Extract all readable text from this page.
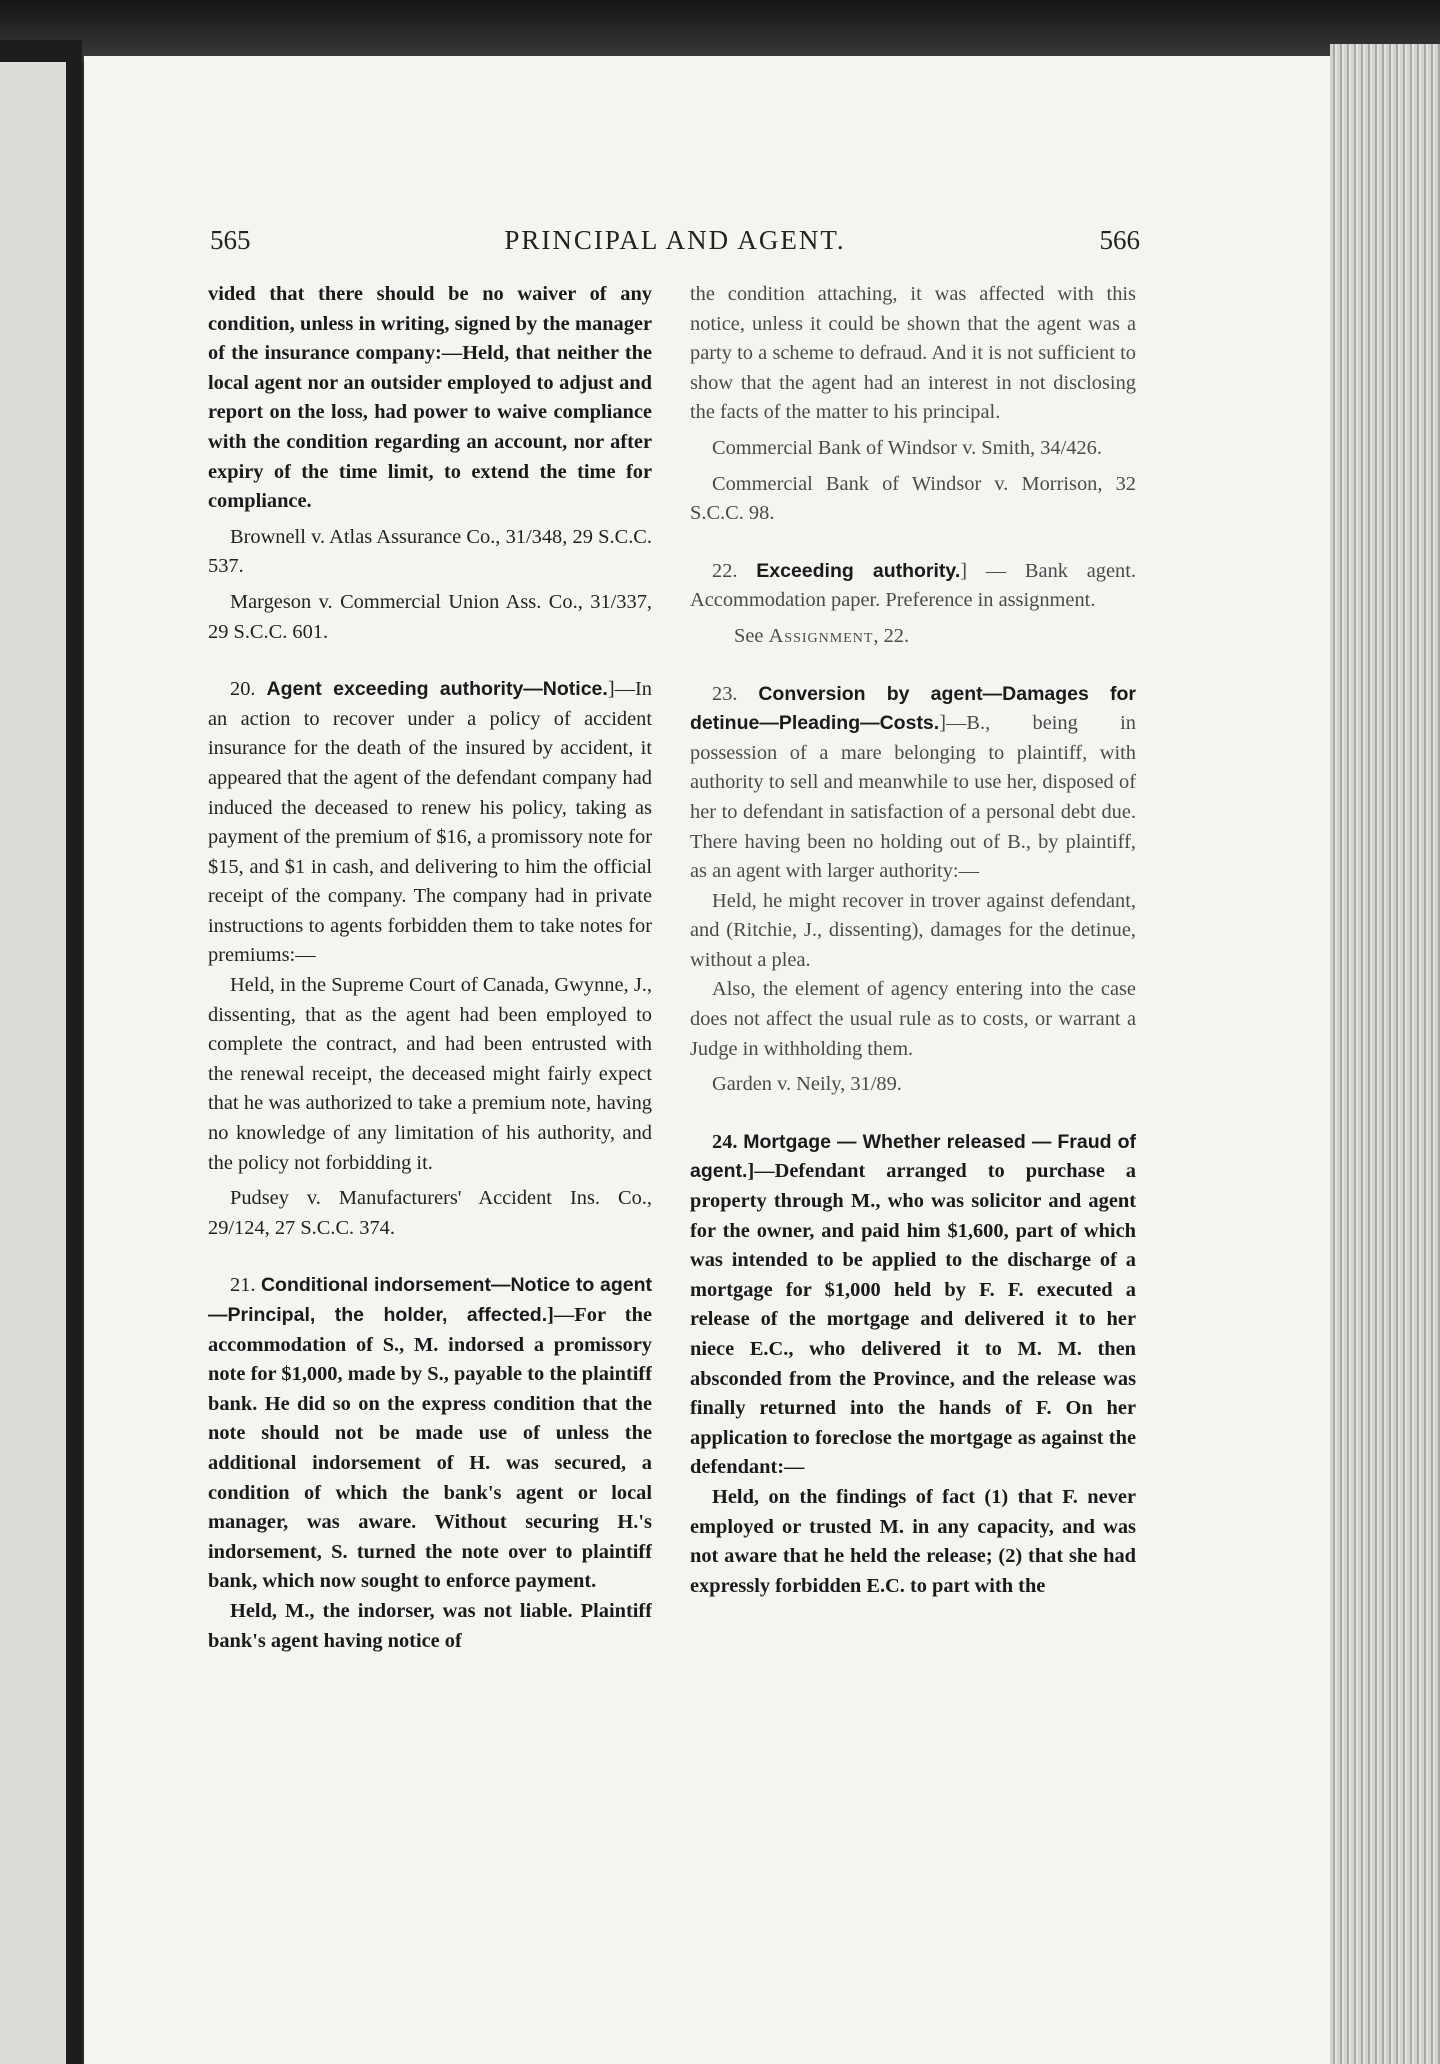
565	PRINCIPAL AND AGENT.	566

vided that there should be no waiver of any condition, unless in writing, signed by the manager of the insurance company:—Held, that neither the local agent nor an outsider employed to adjust and report on the loss, had power to waive compliance with the condition regarding an account, nor after expiry of the time limit, to extend the time for compliance.

Brownell v. Atlas Assurance Co., 31/348, 29 S.C.C. 537.

Margeson v. Commercial Union Ass. Co., 31/337, 29 S.C.C. 601.

20. Agent exceeding authority—Notice.]—In an action to recover under a policy of accident insurance for the death of the insured by accident, it appeared that the agent of the defendant company had induced the deceased to renew his policy, taking as payment of the premium of $16, a promissory note for $15, and $1 in cash, and delivering to him the official receipt of the company. The company had in private instructions to agents forbidden them to take notes for premiums:—

Held, in the Supreme Court of Canada, Gwynne, J., dissenting, that as the agent had been employed to complete the contract, and had been entrusted with the renewal receipt, the deceased might fairly expect that he was authorized to take a premium note, having no knowledge of any limitation of his authority, and the policy not forbidding it.

Pudsey v. Manufacturers' Accident Ins. Co., 29/124, 27 S.C.C. 374.

21. Conditional indorsement—Notice to agent—Principal, the holder, affected.]—For the accommodation of S., M. indorsed a promissory note for $1,000, made by S., payable to the plaintiff bank. He did so on the express condition that the note should not be made use of unless the additional indorsement of H. was secured, a condition of which the bank's agent or local manager, was aware. Without securing H.'s indorsement, S. turned the note over to plaintiff bank, which now sought to enforce payment.

Held, M., the indorser, was not liable. Plaintiff bank's agent having notice of

the condition attaching, it was affected with this notice, unless it could be shown that the agent was a party to a scheme to defraud. And it is not sufficient to show that the agent had an interest in not disclosing the facts of the matter to his principal.

Commercial Bank of Windsor v. Smith, 34/426.

Commercial Bank of Windsor v. Morrison, 32 S.C.C. 98.

22. Exceeding authority.] — Bank agent. Accommodation paper. Preference in assignment.

See Assignment, 22.

23. Conversion by agent—Damages for detinue—Pleading—Costs.]—B., being in possession of a mare belonging to plaintiff, with authority to sell and meanwhile to use her, disposed of her to defendant in satisfaction of a personal debt due. There having been no holding out of B., by plaintiff, as an agent with larger authority:—

Held, he might recover in trover against defendant, and (Ritchie, J., dissenting), damages for the detinue, without a plea.

Also, the element of agency entering into the case does not affect the usual rule as to costs, or warrant a Judge in withholding them.

Garden v. Neily, 31/89.

24. Mortgage — Whether released — Fraud of agent.]—Defendant arranged to purchase a property through M., who was solicitor and agent for the owner, and paid him $1,600, part of which was intended to be applied to the discharge of a mortgage for $1,000 held by F. F. executed a release of the mortgage and delivered it to her niece E.C., who delivered it to M. M. then absconded from the Province, and the release was finally returned into the hands of F. On her application to foreclose the mortgage as against the defendant:—

Held, on the findings of fact (1) that F. never employed or trusted M. in any capacity, and was not aware that he held the release; (2) that she had expressly forbidden E.C. to part with the
